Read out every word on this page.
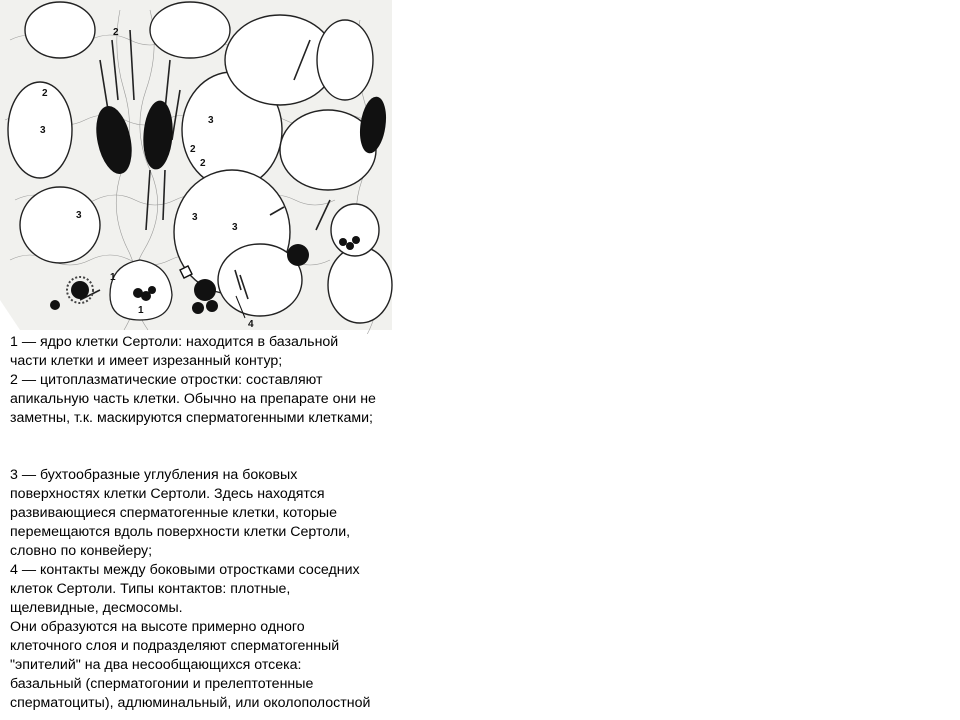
1
2
2
2
2
3
3
3	3
3
4
1

1 — ядро клетки Сертоли: находится в базальной
части клетки и имеет изрезанный контур;

2 — цитоплазматические отростки: составляют
апикальную часть клетки. Обычно на препарате они не
заметны, т.к. маскируются сперматогенными клетками;

3 — бухтообразные углубления на боковых
поверхностях клетки Сертоли. Здесь находятся
развивающиеся сперматогенные клетки, которые
перемещаются вдоль поверхности клетки Сертоли,
словно по конвейеру;

4 — контакты между боковыми отростками соседних
клеток Сертоли. Типы контактов: плотные,
щелевидные, десмосомы.

Они образуются на высоте примерно одного
клеточного слоя и подразделяют сперматогенный
"эпителий" на два несообщающихся отсека:
базальный (сперматогонии и прелептотенные
сперматоциты), адлюминальный, или околополостной
